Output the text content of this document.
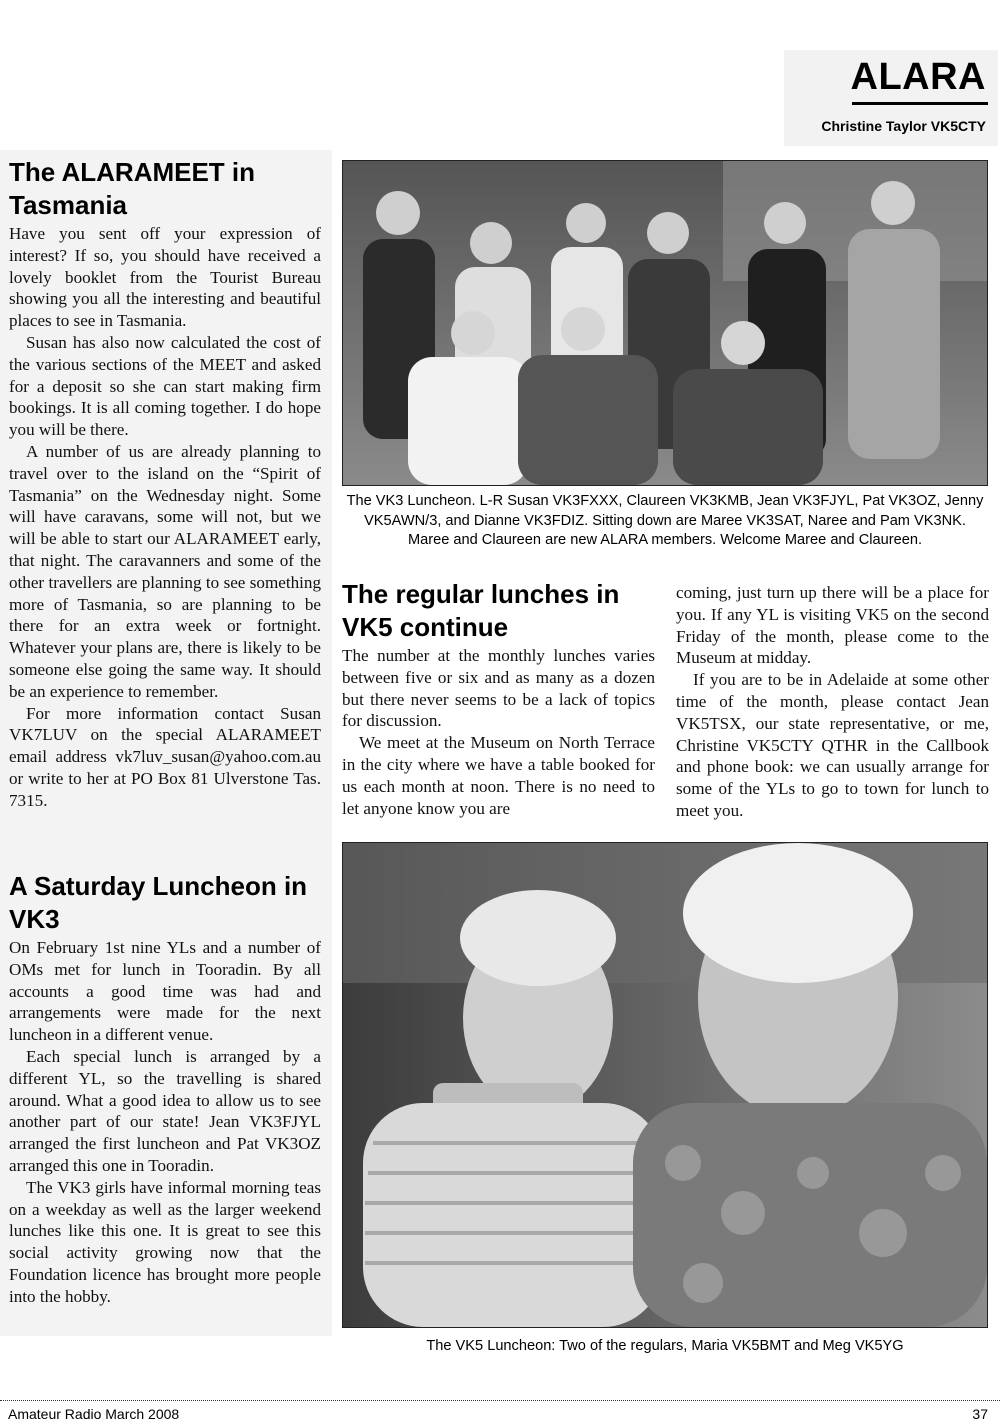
ALARA
Christine Taylor VK5CTY
The ALARAMEET in Tasmania

Have you sent off your expression of interest? If so, you should have received a lovely booklet from the Tourist Bureau showing you all the interesting and beautiful places to see in Tasmania.

Susan has also now calculated the cost of the various sections of the MEET and asked for a deposit so she can start making firm bookings. It is all coming together. I do hope you will be there.

A number of us are already planning to travel over to the island on the “Spirit of Tasmania” on the Wednesday night. Some will have caravans, some will not, but we will be able to start our ALARAMEET early, that night. The caravanners and some of the other travellers are planning to see something more of Tasmania, so are planning to be there for an extra week or fortnight. Whatever your plans are, there is likely to be someone else going the same way. It should be an experience to remember.

For more information contact Susan VK7LUV on the special ALARAMEET email address vk7luv_susan@yahoo.com.au or write to her at PO Box 81 Ulverstone Tas. 7315.

A Saturday Luncheon in VK3

On February 1st nine YLs and a number of OMs met for lunch in Tooradin. By all accounts a good time was had and arrangements were made for the next luncheon in a different venue.

Each special lunch is arranged by a different YL, so the travelling is shared around. What a good idea to allow us to see another part of our state! Jean VK3FJYL arranged the first luncheon and Pat VK3OZ arranged this one in Tooradin.

The VK3 girls have informal morning teas on a weekday as well as the larger weekend lunches like this one. It is great to see this social activity growing now that the Foundation licence has brought more people into the hobby.

The VK3 Luncheon. L-R Susan VK3FXXX, Claureen VK3KMB, Jean VK3FJYL, Pat VK3OZ, Jenny VK5AWN/3, and Dianne VK3FDIZ. Sitting down are Maree VK3SAT, Naree and Pam VK3NK. Maree and Claureen are new ALARA members. Welcome Maree and Claureen.
The regular lunches in VK5 continue

The number at the monthly lunches varies between five or six and as many as a dozen but there never seems to be a lack of topics for discussion.

We meet at the Museum on North Terrace in the city where we have a table booked for us each month at noon. There is no need to let anyone know you are

coming, just turn up there will be a place for you. If any YL is visiting VK5 on the second Friday of the month, please come to the Museum at midday.

If you are to be in Adelaide at some other time of the month, please contact Jean VK5TSX, our state representative, or me, Christine VK5CTY QTHR in the Callbook and phone book: we can usually arrange for some of the YLs to go to town for lunch to meet you.

The VK5 Luncheon: Two of the regulars, Maria VK5BMT and Meg VK5YG
Amateur Radio March 2008	37
